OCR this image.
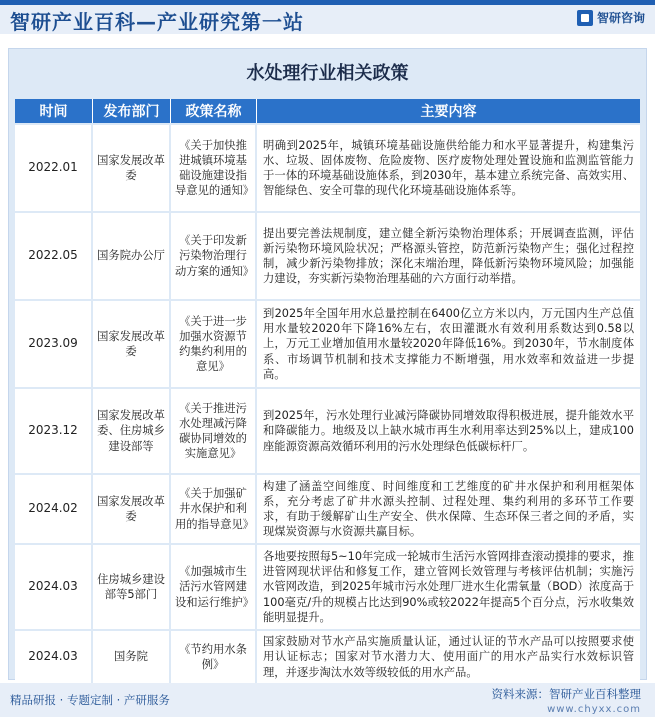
智研产业百科—产业研究第一站	智研咨询
水处理行业相关政策
时间	发布部门	政策名称	主要内容
2022.01	国家发展改革委	《关于加快推进城镇环境基础设施建设指导意见的通知》	明确到2025年，城镇环境基础设施供给能力和水平显著提升，构建集污水、垃圾、固体废物、危险废物、医疗废物处理处置设施和监测监管能力于一体的环境基础设施体系，到2030年，基本建立系统完备、高效实用、智能绿色、安全可靠的现代化环境基础设施体系等。
2022.05	国务院办公厅	《关于印发新污染物治理行动方案的通知》	提出要完善法规制度，建立健全新污染物治理体系；开展调查监测，评估新污染物环境风险状况；严格源头管控，防范新污染物产生；强化过程控制，减少新污染物排放；深化末端治理，降低新污染物环境风险；加强能力建设，夯实新污染物治理基础的六方面行动举措。
2023.09	国家发展改革委	《关于进一步加强水资源节约集约利用的意见》	到2025年全国年用水总量控制在6400亿立方米以内，万元国内生产总值用水量较2020年下降16%左右，农田灌溉水有效利用系数达到0.58以上，万元工业增加值用水量较2020年降低16%。到2030年，节水制度体系、市场调节机制和技术支撑能力不断增强，用水效率和效益进一步提高。
2023.12	国家发展改革委、住房城乡建设部等	《关于推进污水处理减污降碳协同增效的实施意见》	到2025年，污水处理行业减污降碳协同增效取得积极进展，提升能效水平和降碳能力。地级及以上缺水城市再生水利用率达到25%以上，建成100座能源资源高效循环利用的污水处理绿色低碳标杆厂。
2024.02	国家发展改革委	《关于加强矿井水保护和利用的指导意见》	构建了涵盖空间维度、时间维度和工艺维度的矿井水保护和利用框架体系，充分考虑了矿井水源头控制、过程处理、集约利用的多环节工作要求，有助于缓解矿山生产安全、供水保障、生态环保三者之间的矛盾，实现煤炭资源与水资源共赢目标。
2024.03	住房城乡建设部等5部门	《加强城市生活污水管网建设和运行维护》	各地要按照每5~10年完成一轮城市生活污水管网排查滚动摸排的要求，推进管网现状评估和修复工作，建立管网长效管理与考核评估机制；实施污水管网改造，到2025年城市污水处理厂进水生化需氧量（BOD）浓度高于100毫克/升的规模占比达到90%或较2022年提高5个百分点，污水收集效能明显提升。
2024.03	国务院	《节约用水条例》	国家鼓励对节水产品实施质量认证，通过认证的节水产品可以按照要求使用认证标志；国家对节水潜力大、使用面广的用水产品实行水效标识管理，并逐步淘汰水效等级较低的用水产品。
精品研报 · 专题定制 · 产研服务	资料来源：智研产业百科整理
www.chyxx.com
